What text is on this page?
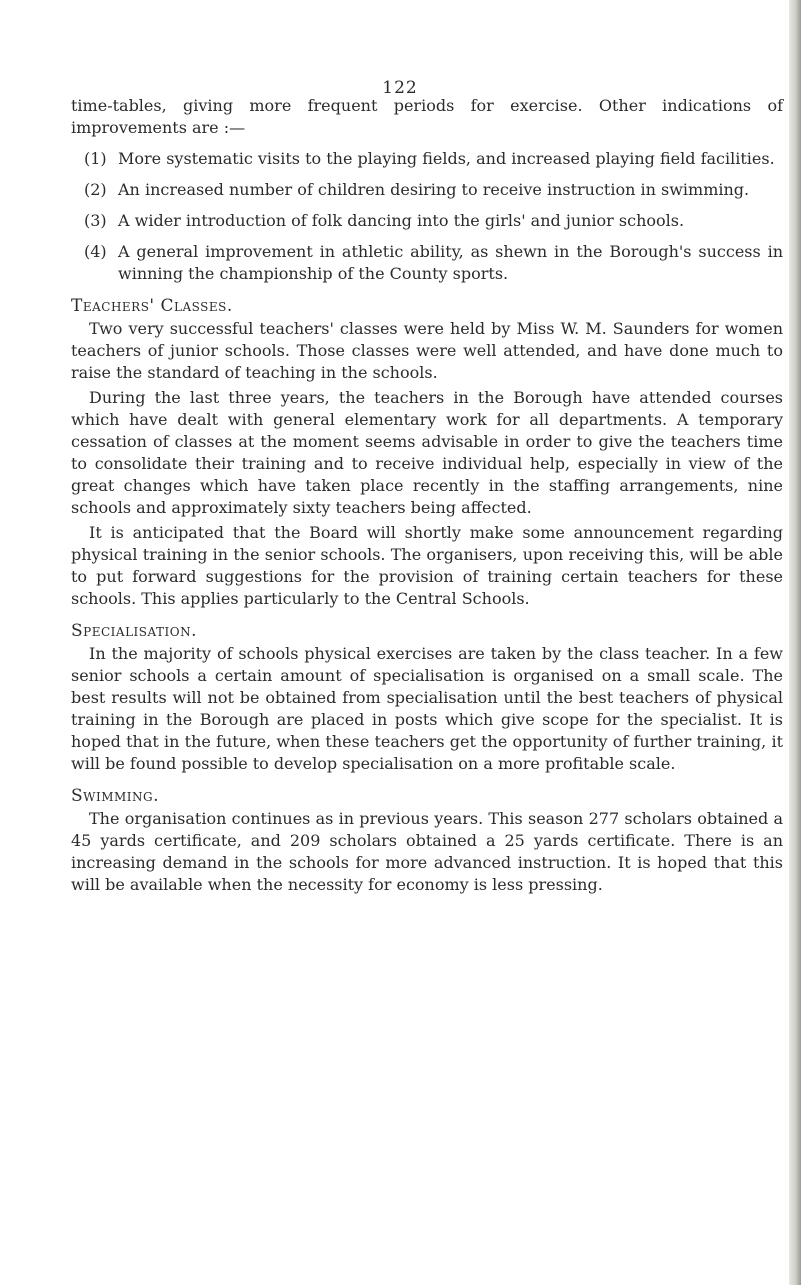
122

time-tables, giving more frequent periods for exercise. Other indications of improvements are :—

(1) More systematic visits to the playing fields, and increased playing field facilities.
(2) An increased number of children desiring to receive instruction in swimming.
(3) A wider introduction of folk dancing into the girls' and junior schools.
(4) A general improvement in athletic ability, as shewn in the Borough's success in winning the championship of the County sports.
Teachers' Classes.

Two very successful teachers' classes were held by Miss W. M. Saunders for women teachers of junior schools. Those classes were well attended, and have done much to raise the standard of teaching in the schools.

During the last three years, the teachers in the Borough have attended courses which have dealt with general elementary work for all departments. A temporary cessation of classes at the moment seems advisable in order to give the teachers time to consolidate their training and to receive individual help, especially in view of the great changes which have taken place recently in the staffing arrangements, nine schools and approximately sixty teachers being affected.

It is anticipated that the Board will shortly make some announcement regarding physical training in the senior schools. The organisers, upon receiving this, will be able to put forward suggestions for the provision of training certain teachers for these schools. This applies particularly to the Central Schools.

Specialisation.

In the majority of schools physical exercises are taken by the class teacher. In a few senior schools a certain amount of specialisation is organised on a small scale. The best results will not be obtained from specialisation until the best teachers of physical training in the Borough are placed in posts which give scope for the specialist. It is hoped that in the future, when these teachers get the opportunity of further training, it will be found possible to develop specialisation on a more profitable scale.

Swimming.

The organisation continues as in previous years. This season 277 scholars obtained a 45 yards certificate, and 209 scholars obtained a 25 yards certificate. There is an increasing demand in the schools for more advanced instruction. It is hoped that this will be available when the necessity for economy is less pressing.
